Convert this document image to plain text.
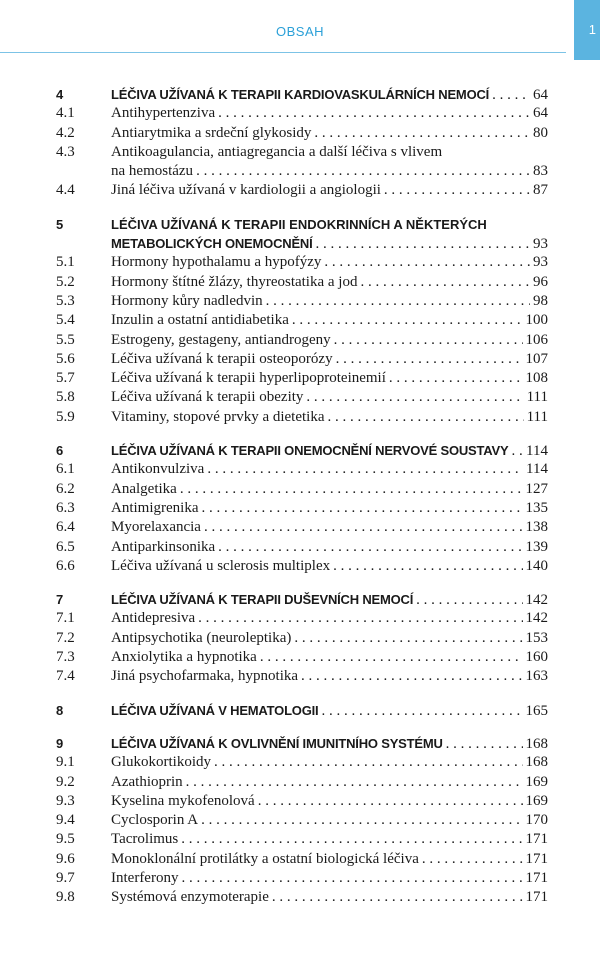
1
OBSAH
4	LÉČIVA UŽÍVANÁ K TERAPII KARDIOVASKULÁRNÍCH NEMOCÍ . . .	64
4.1 Antihypertenziva . . .	64
4.2 Antiarytmika a srdeční glykosidy . . .	80
4.3 Antikoagulancia, antiagregancia a další léčiva s vlivem
na hemostázu . . .	83
4.4 Jiná léčiva užívaná v kardiologii a angiologii . . .	87
5	LÉČIVA UŽÍVANÁ K TERAPII ENDOKRINNÍCH A NĚKTERÝCH
METABOLICKÝCH ONEMOCNĚNÍ . . .	93
5.1 Hormony hypothalamu a hypofýzy . . .	93
5.2 Hormony štítné žlázy, thyreostatika a jod . . .	96
5.3 Hormony kůry nadledvin . . .	98
5.4 Inzulin a ostatní antidiabetika . . .	100
5.5 Estrogeny, gestageny, antiandrogeny . . .	106
5.6 Léčiva užívaná k terapii osteoporózy . . .	107
5.7 Léčiva užívaná k terapii hyperlipoproteinemií . . .	108
5.8 Léčiva užívaná k terapii obezity . . .	111
5.9 Vitaminy, stopové prvky a dietetika . . .	111
6	LÉČIVA UŽÍVANÁ K TERAPII ONEMOCNĚNÍ NERVOVÉ SOUSTAVY . . . 114
6.1 Antikonvulziva . . .	114
6.2 Analgetika . . .	127
6.3 Antimigrenika . . .	135
6.4 Myorelaxancia . . .	138
6.5 Antiparkinsonika . . .	139
6.6 Léčiva užívaná u sclerosis multiplex . . .	140
7	LÉČIVA UŽÍVANÁ K TERAPII DUŠEVNÍCH NEMOCÍ . . .	142
7.1 Antidepresiva . . .	142
7.2 Antipsychotika (neuroleptika) . . .	153
7.3 Anxiolytika a hypnotika . . .	160
7.4 Jiná psychofarmaka, hypnotika . . .	163
8	LÉČIVA UŽÍVANÁ V HEMATOLOGII . . .	165
9	LÉČIVA UŽÍVANÁ K OVLIVNĚNÍ IMUNITNÍHO SYSTÉMU . . .	168
9.1 Glukokortikoidy . . .	168
9.2 Azathioprin . . .	169
9.3 Kyselina mykofenolová . . .	169
9.4 Cyclosporin A . . .	170
9.5 Tacrolimus . . .	171
9.6 Monoklonální protilátky a ostatní biologická léčiva . . .	171
9.7 Interferony . . .	171
9.8 Systémová enzymoterapie . . .	171
